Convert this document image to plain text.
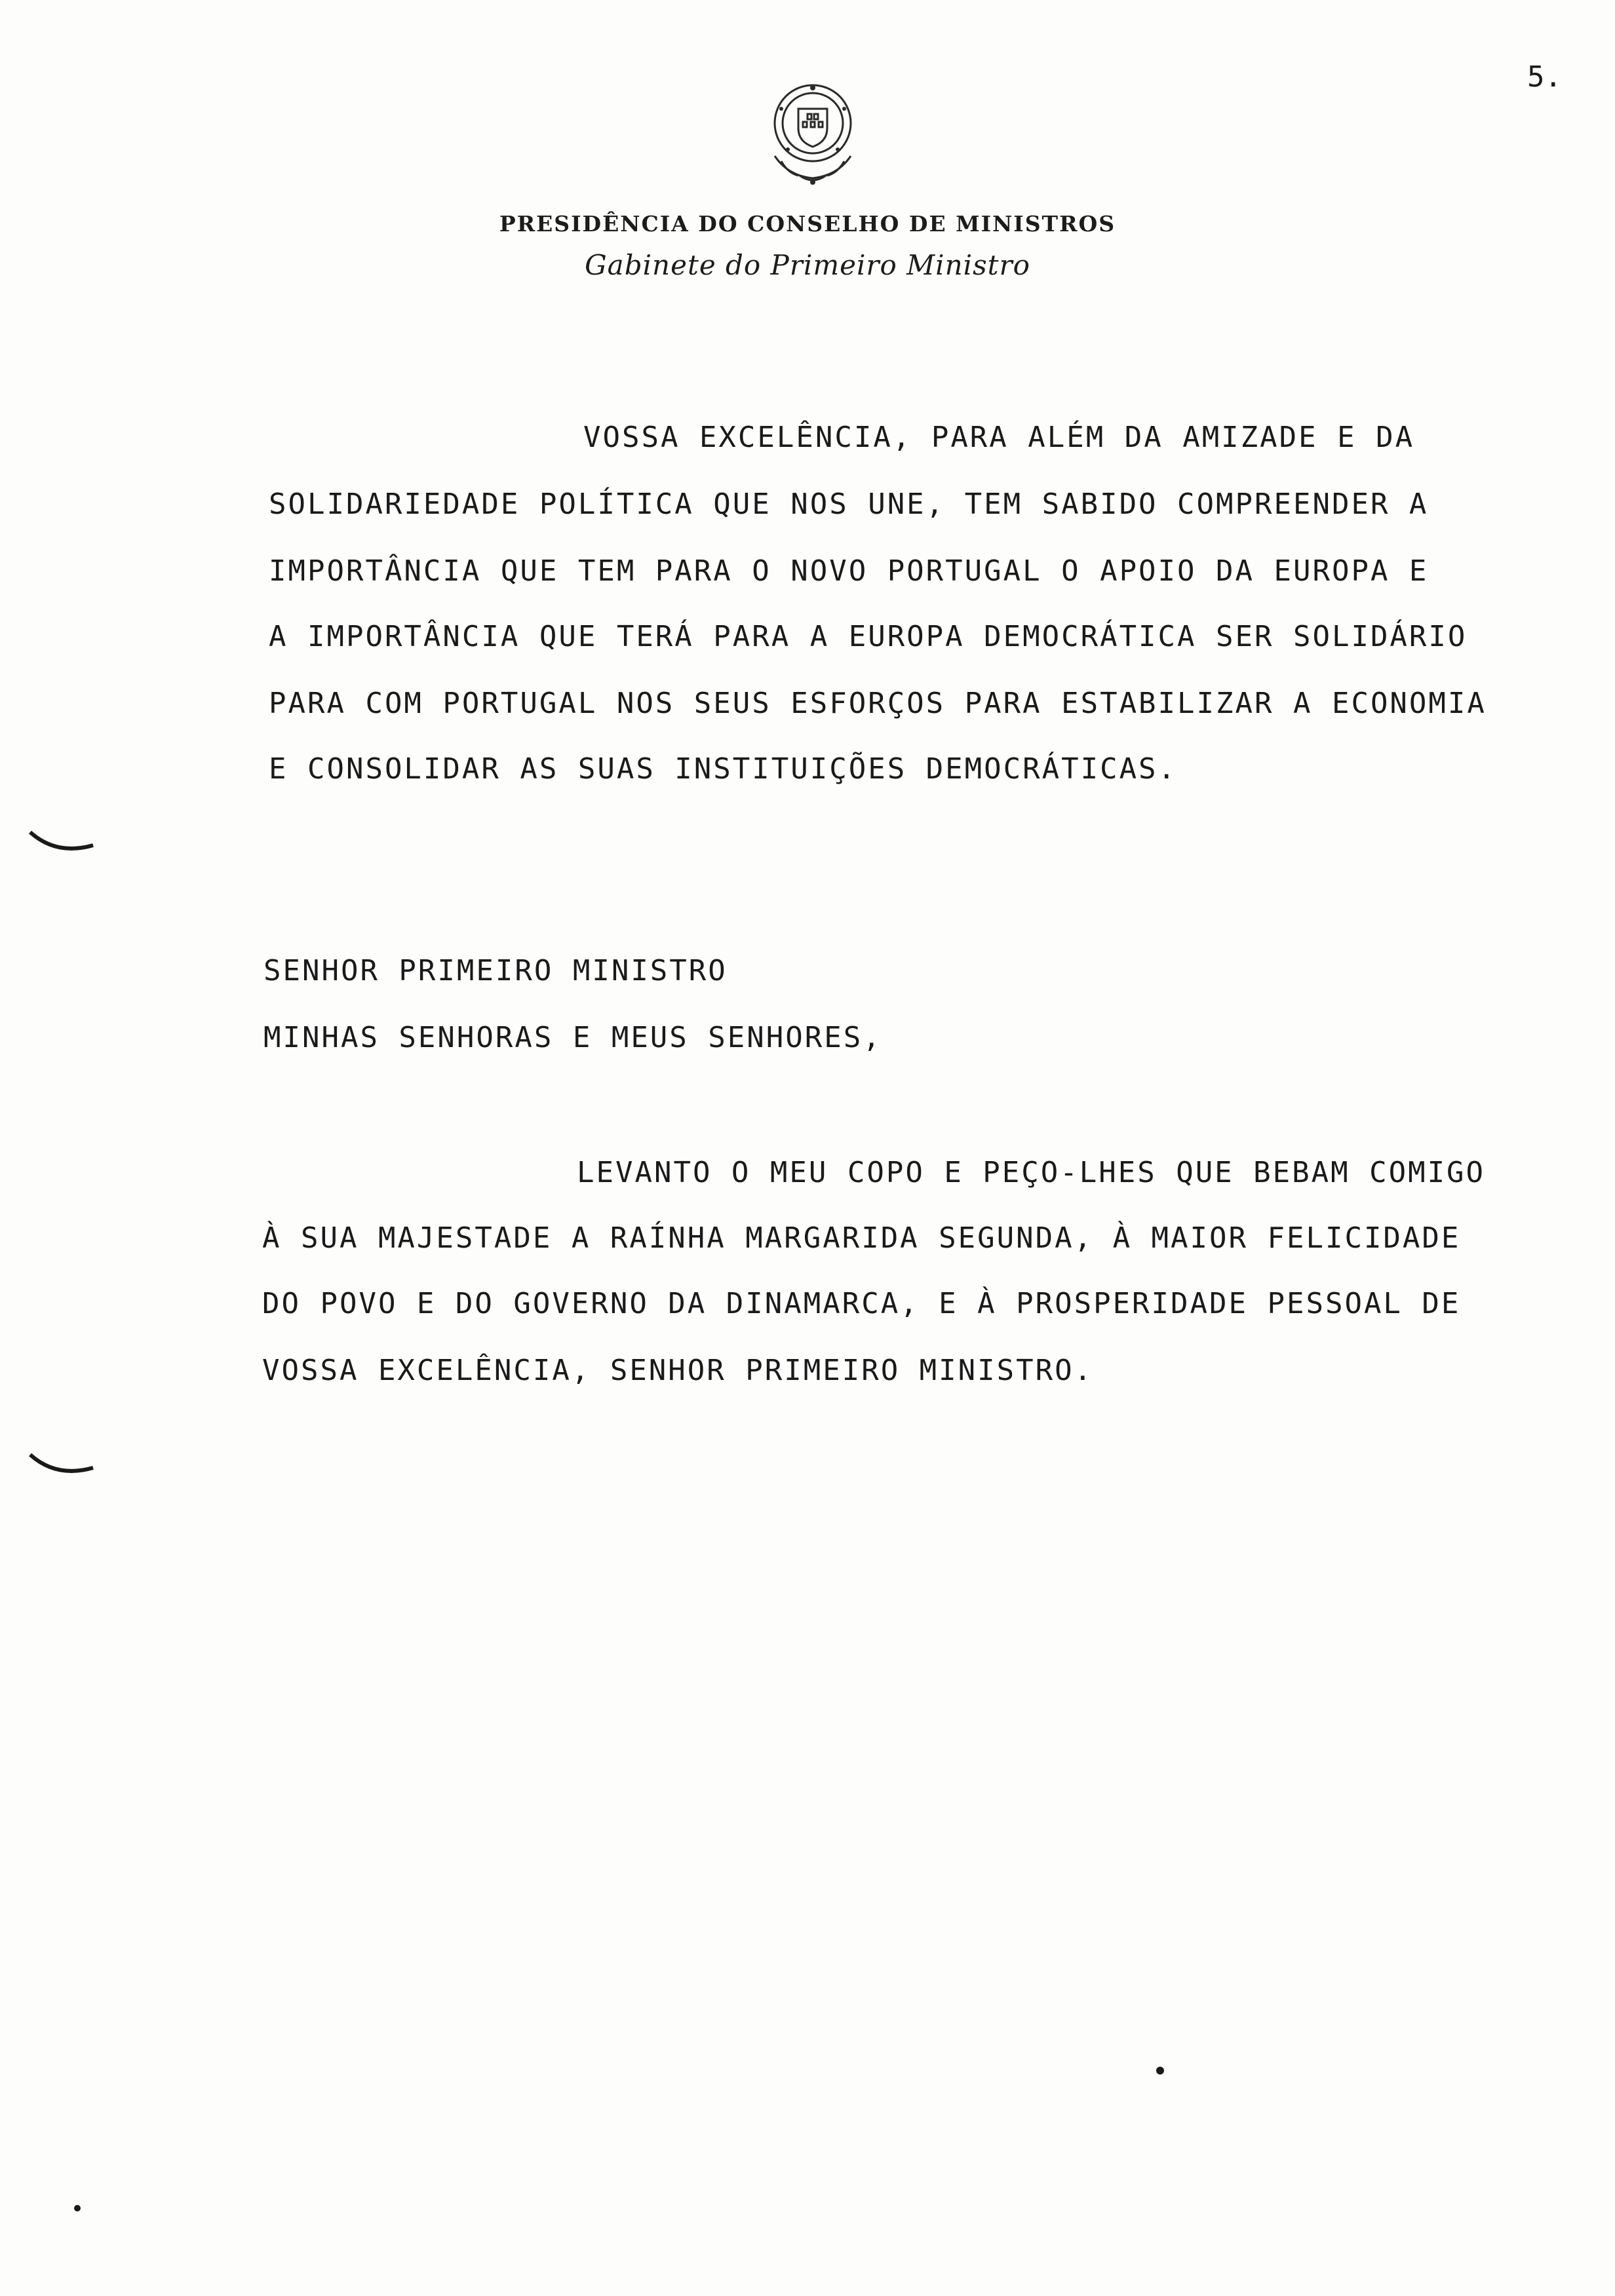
5.
PRESIDÊNCIA DO CONSELHO DE MINISTROS
Gabinete do Primeiro Ministro
VOSSA EXCELÊNCIA, PARA ALÉM DA AMIZADE E DA
SOLIDARIEDADE POLÍTICA QUE NOS UNE, TEM SABIDO COMPREENDER A
IMPORTÂNCIA QUE TEM PARA O NOVO PORTUGAL O APOIO DA EUROPA E
A IMPORTÂNCIA QUE TERÁ PARA A EUROPA DEMOCRÁTICA SER SOLIDÁRIO
PARA COM PORTUGAL NOS SEUS ESFORÇOS PARA ESTABILIZAR A ECONOMIA
E CONSOLIDAR AS SUAS INSTITUIÇÕES DEMOCRÁTICAS.
SENHOR PRIMEIRO MINISTRO
MINHAS SENHORAS E MEUS SENHORES,
LEVANTO O MEU COPO E PEÇO-LHES QUE BEBAM COMIGO
À SUA MAJESTADE A RAÍNHA MARGARIDA SEGUNDA, À MAIOR FELICIDADE
DO POVO E DO GOVERNO DA DINAMARCA, E À PROSPERIDADE PESSOAL DE
VOSSA EXCELÊNCIA, SENHOR PRIMEIRO MINISTRO.
